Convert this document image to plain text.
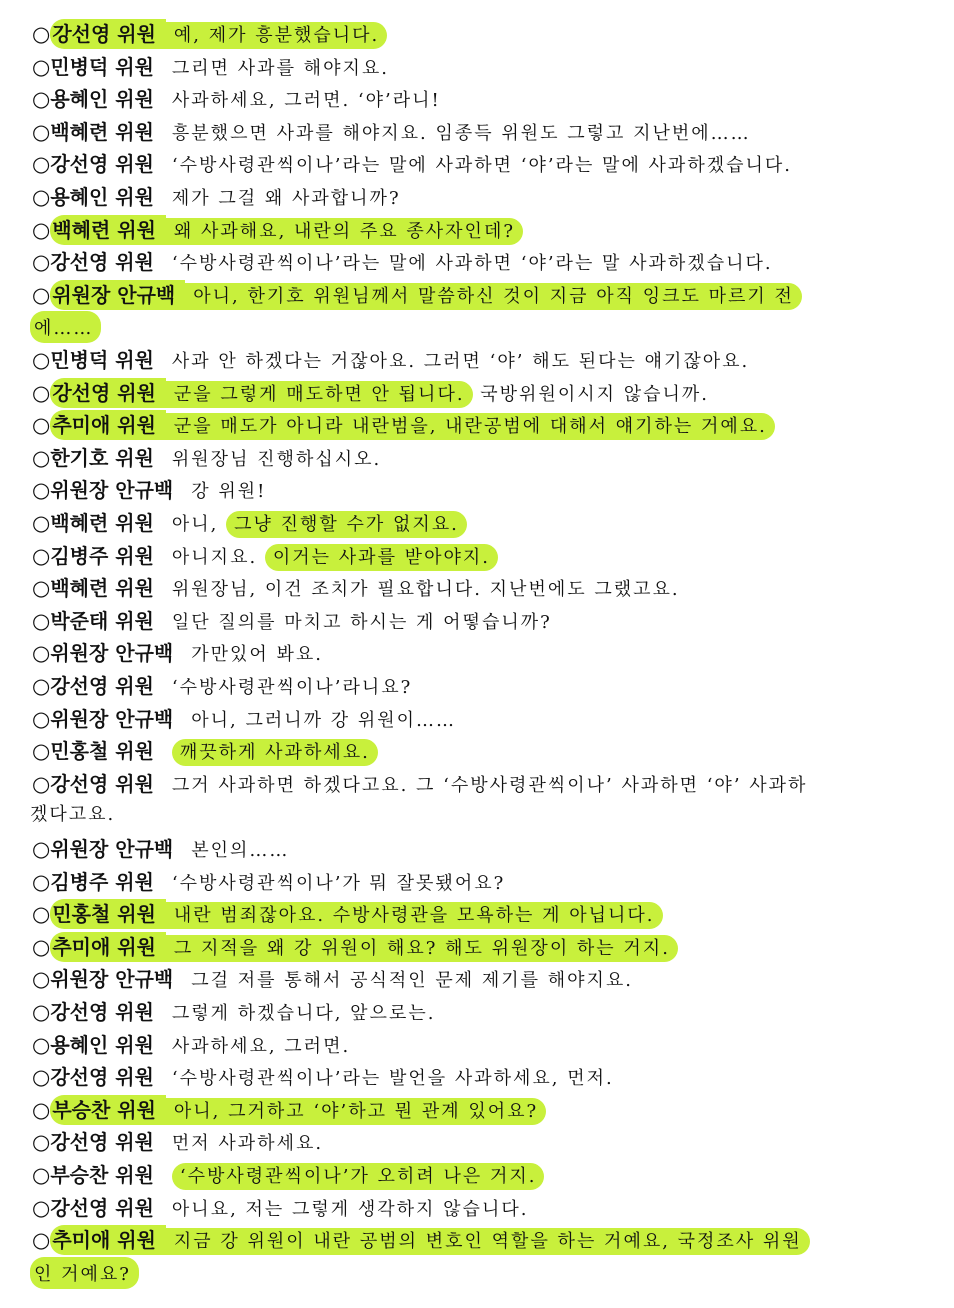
○ 강선영 위원 예, 제가 흥분했습니다.
○민병덕 위원 그리면 사과를 해야지요.
○용혜인 위원 사과하세요, 그러면. ‘야’라니!
○백혜련 위원 흥분했으면 사과를 해야지요. 임종득 위원도 그렇고 지난번에……
○강선영 위원 ‘수방사령관씩이나’라는 말에 사과하면 ‘야’라는 말에 사과하겠습니다.
○용혜인 위원 제가 그걸 왜 사과합니까?
○ 백혜련 위원 왜 사과해요, 내란의 주요 종사자인데?
○강선영 위원 ‘수방사령관씩이나’라는 말에 사과하면 ‘야’라는 말 사과하겠습니다.
○ 위원장 안규백 아니, 한기호 위원님께서 말씀하신 것이 지금 아직 잉크도 마르기 전
에……
○민병덕 위원 사과 안 하겠다는 거잖아요. 그러면 ‘야’ 해도 된다는 얘기잖아요.
○ 강선영 위원 군을 그렇게 매도하면 안 됩니다. 국방위원이시지 않습니까.
○ 추미애 위원 군을 매도가 아니라 내란범을, 내란공범에 대해서 얘기하는 거예요.
○한기호 위원 위원장님 진행하십시오.
○위원장 안규백 강 위원!
○백혜련 위원 아니, 그냥 진행할 수가 없지요.
○김병주 위원 아니지요. 이거는 사과를 받아야지.
○백혜련 위원 위원장님, 이건 조치가 필요합니다. 지난번에도 그랬고요.
○박준태 위원 일단 질의를 마치고 하시는 게 어떻습니까?
○위원장 안규백 가만있어 봐요.
○강선영 위원 ‘수방사령관씩이나’라니요?
○위원장 안규백 아니, 그러니까 강 위원이……
○민홍철 위원 깨끗하게 사과하세요.
○강선영 위원 그거 사과하면 하겠다고요. 그 ‘수방사령관씩이나’ 사과하면 ‘야’ 사과하
겠다고요.
○위원장 안규백 본인의……
○김병주 위원 ‘수방사령관씩이나’가 뭐 잘못됐어요?
○ 민홍철 위원 내란 범죄잖아요. 수방사령관을 모욕하는 게 아닙니다.
○ 추미애 위원 그 지적을 왜 강 위원이 해요? 해도 위원장이 하는 거지.
○위원장 안규백 그걸 저를 통해서 공식적인 문제 제기를 해야지요.
○강선영 위원 그렇게 하겠습니다, 앞으로는.
○용혜인 위원 사과하세요, 그러면.
○강선영 위원 ‘수방사령관씩이나’라는 발언을 사과하세요, 먼저.
○ 부승찬 위원 아니, 그거하고 ‘야’하고 뭔 관계 있어요?
○강선영 위원 먼저 사과하세요.
○부승찬 위원 ‘수방사령관씩이나’가 오히려 나은 거지.
○강선영 위원 아니요, 저는 그렇게 생각하지 않습니다.
○ 추미애 위원 지금 강 위원이 내란 공범의 변호인 역할을 하는 거예요, 국정조사 위원
인 거예요?
